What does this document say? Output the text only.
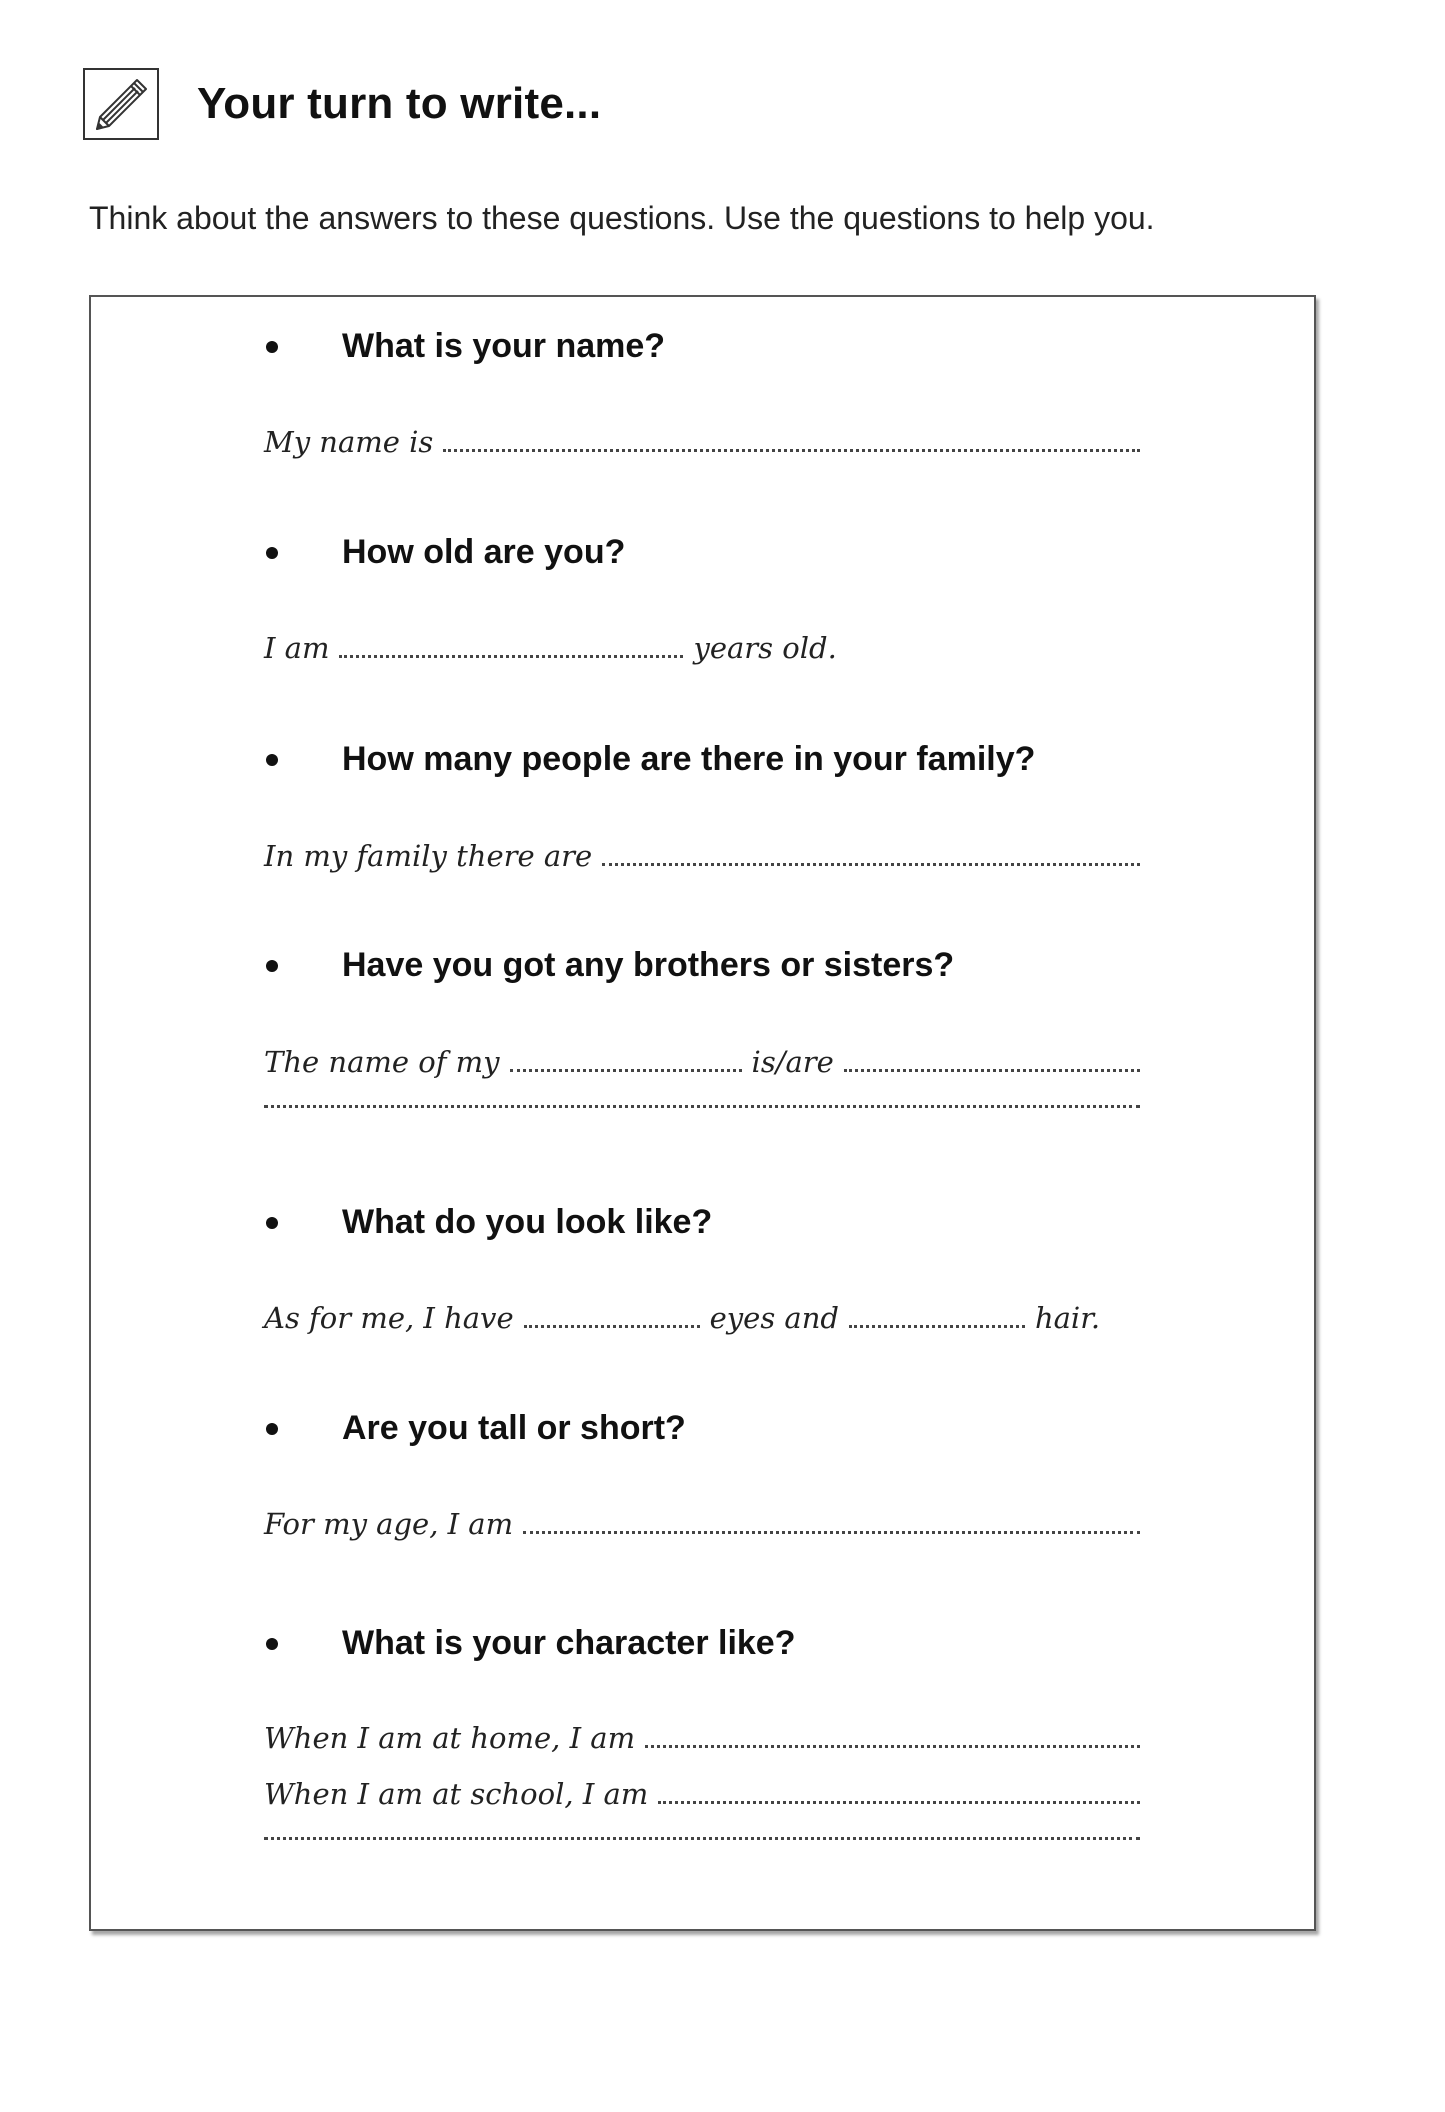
Your turn to write...
Think about the answers to these questions. Use the questions to help you.
What is your name?
My name is
How old are you?
I am	years old.
How many people are there in your family?
In my family there are
Have you got any brothers or sisters?
The name of my	is/are
What do you look like?
As for me, I have	eyes and	hair.
Are you tall or short?
For my age, I am
What is your character like?
When I am at home, I am
When I am at school, I am
